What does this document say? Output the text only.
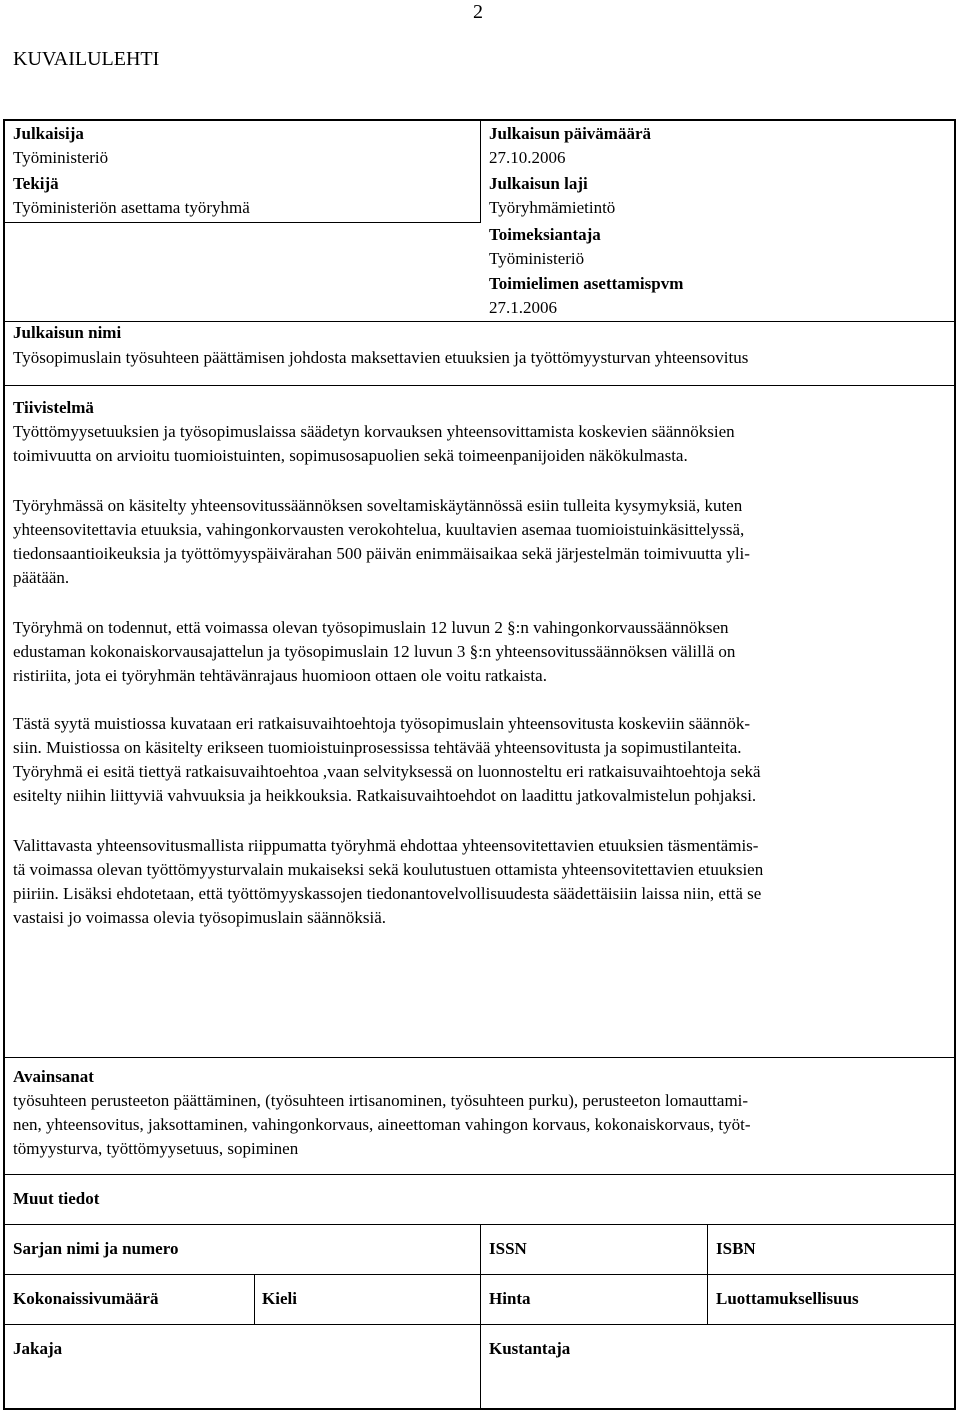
2
KUVAILULEHTI
Julkaisija
Työministeriö
Tekijä
Työministeriön asettama työryhmä
Julkaisun päivämäärä
27.10.2006
Julkaisun laji
Työryhmämietintö
Toimeksiantaja
Työministeriö
Toimielimen asettamispvm
27.1.2006
Julkaisun nimi
Työsopimuslain työsuhteen päättämisen johdosta maksettavien etuuksien ja työttömyysturvan yhteensovitus
Tiivistelmä
Työttömyysetuuksien ja työsopimuslaissa säädetyn korvauksen yhteensovittamista koskevien säännöksien
toimivuutta on arvioitu tuomioistuinten, sopimusosapuolien sekä toimeenpanijoiden näkökulmasta.
Työryhmässä on käsitelty yhteensovitussäännöksen soveltamiskäytännössä esiin tulleita kysymyksiä, kuten
yhteensovitettavia etuuksia, vahingonkorvausten verokohtelua, kuultavien asemaa tuomioistuinkäsittelyssä,
tiedonsaantioikeuksia ja työttömyyspäivärahan 500 päivän enimmäisaikaa sekä järjestelmän toimivuutta yli-
päätään.
Työryhmä on todennut, että voimassa olevan työsopimuslain 12 luvun 2 §:n vahingonkorvaussäännöksen
edustaman kokonaiskorvausajattelun ja työsopimuslain 12 luvun 3 §:n yhteensovitussäännöksen välillä on
ristiriita, jota ei työryhmän tehtävänrajaus huomioon ottaen ole voitu ratkaista.
Tästä syytä muistiossa kuvataan eri ratkaisuvaihtoehtoja työsopimuslain yhteensovitusta koskeviin säännök-
siin. Muistiossa on käsitelty erikseen tuomioistuinprosessissa tehtävää yhteensovitusta ja sopimustilanteita.
Työryhmä ei esitä tiettyä ratkaisuvaihtoehtoa ,vaan selvityksessä on luonnosteltu eri ratkaisuvaihtoehtoja sekä
esitelty niihin liittyviä vahvuuksia ja heikkouksia. Ratkaisuvaihtoehdot on laadittu jatkovalmistelun pohjaksi.
Valittavasta yhteensovitusmallista riippumatta työryhmä ehdottaa yhteensovitettavien etuuksien täsmentämis-
tä voimassa olevan työttömyysturvalain mukaiseksi sekä koulutustuen ottamista yhteensovitettavien etuuksien
piiriin. Lisäksi ehdotetaan, että työttömyyskassojen tiedonantovelvollisuudesta säädettäisiin laissa niin, että se
vastaisi jo voimassa olevia työsopimuslain säännöksiä.
Avainsanat
työsuhteen perusteeton päättäminen, (työsuhteen irtisanominen, työsuhteen purku), perusteeton lomauttami-
nen, yhteensovitus, jaksottaminen, vahingonkorvaus, aineettoman vahingon korvaus, kokonaiskorvaus, työt-
tömyysturva, työttömyysetuus, sopiminen
Muut tiedot
Sarjan nimi ja numero	ISSN	ISBN
Kokonaissivumäärä	Kieli	Hinta	Luottamuksellisuus
Jakaja	Kustantaja
